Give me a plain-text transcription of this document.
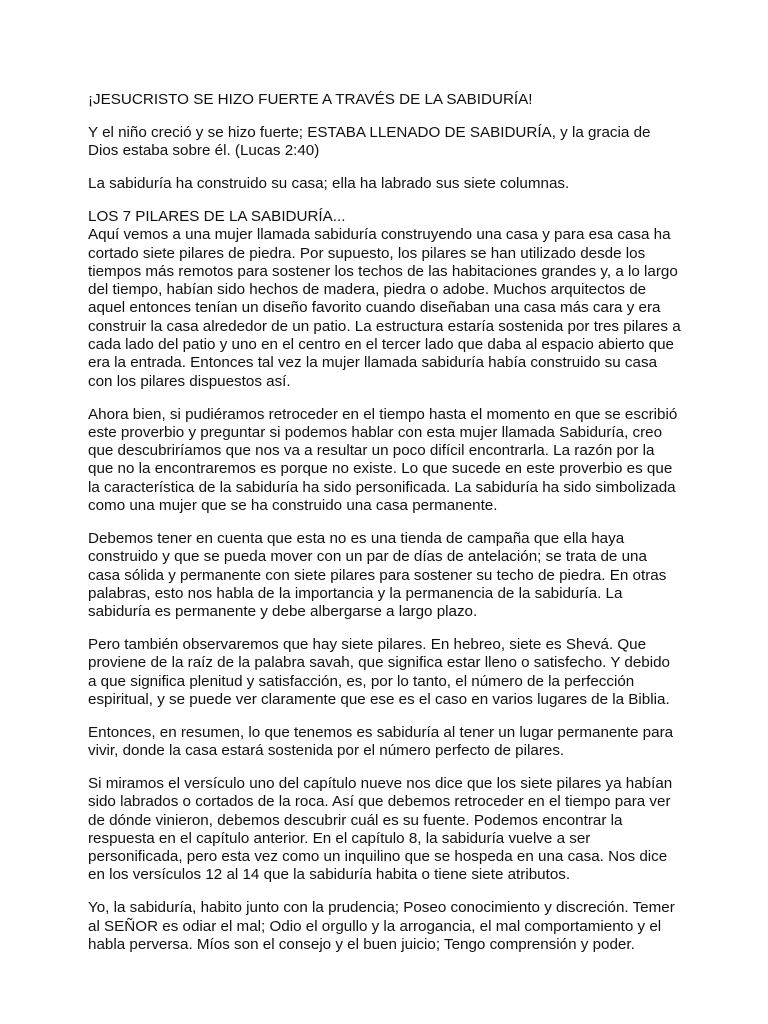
¡JESUCRISTO SE HIZO FUERTE A TRAVÉS DE LA SABIDURÍA!

Y el niño creció y se hizo fuerte; ESTABA LLENADO DE SABIDURÍA, y la gracia de
Dios estaba sobre él. (Lucas 2:40)

La sabiduría ha construido su casa; ella ha labrado sus siete columnas.

LOS 7 PILARES DE LA SABIDURÍA...
Aquí vemos a una mujer llamada sabiduría construyendo una casa y para esa casa ha
cortado siete pilares de piedra. Por supuesto, los pilares se han utilizado desde los
tiempos más remotos para sostener los techos de las habitaciones grandes y, a lo largo
del tiempo, habían sido hechos de madera, piedra o adobe. Muchos arquitectos de
aquel entonces tenían un diseño favorito cuando diseñaban una casa más cara y era
construir la casa alrededor de un patio. La estructura estaría sostenida por tres pilares a
cada lado del patio y uno en el centro en el tercer lado que daba al espacio abierto que
era la entrada. Entonces tal vez la mujer llamada sabiduría había construido su casa
con los pilares dispuestos así.

Ahora bien, si pudiéramos retroceder en el tiempo hasta el momento en que se escribió
este proverbio y preguntar si podemos hablar con esta mujer llamada Sabiduría, creo
que descubriríamos que nos va a resultar un poco difícil encontrarla. La razón por la
que no la encontraremos es porque no existe. Lo que sucede en este proverbio es que
la característica de la sabiduría ha sido personificada. La sabiduría ha sido simbolizada
como una mujer que se ha construido una casa permanente.

Debemos tener en cuenta que esta no es una tienda de campaña que ella haya
construido y que se pueda mover con un par de días de antelación; se trata de una
casa sólida y permanente con siete pilares para sostener su techo de piedra. En otras
palabras, esto nos habla de la importancia y la permanencia de la sabiduría. La
sabiduría es permanente y debe albergarse a largo plazo.

Pero también observaremos que hay siete pilares. En hebreo, siete es Shevá. Que
proviene de la raíz de la palabra savah, que significa estar lleno o satisfecho. Y debido
a que significa plenitud y satisfacción, es, por lo tanto, el número de la perfección
espiritual, y se puede ver claramente que ese es el caso en varios lugares de la Biblia.

Entonces, en resumen, lo que tenemos es sabiduría al tener un lugar permanente para
vivir, donde la casa estará sostenida por el número perfecto de pilares.

Si miramos el versículo uno del capítulo nueve nos dice que los siete pilares ya habían
sido labrados o cortados de la roca. Así que debemos retroceder en el tiempo para ver
de dónde vinieron, debemos descubrir cuál es su fuente. Podemos encontrar la
respuesta en el capítulo anterior. En el capítulo 8, la sabiduría vuelve a ser
personificada, pero esta vez como un inquilino que se hospeda en una casa. Nos dice
en los versículos 12 al 14 que la sabiduría habita o tiene siete atributos.

Yo, la sabiduría, habito junto con la prudencia; Poseo conocimiento y discreción. Temer
al SEÑOR es odiar el mal; Odio el orgullo y la arrogancia, el mal comportamiento y el
habla perversa. Míos son el consejo y el buen juicio; Tengo comprensión y poder.
